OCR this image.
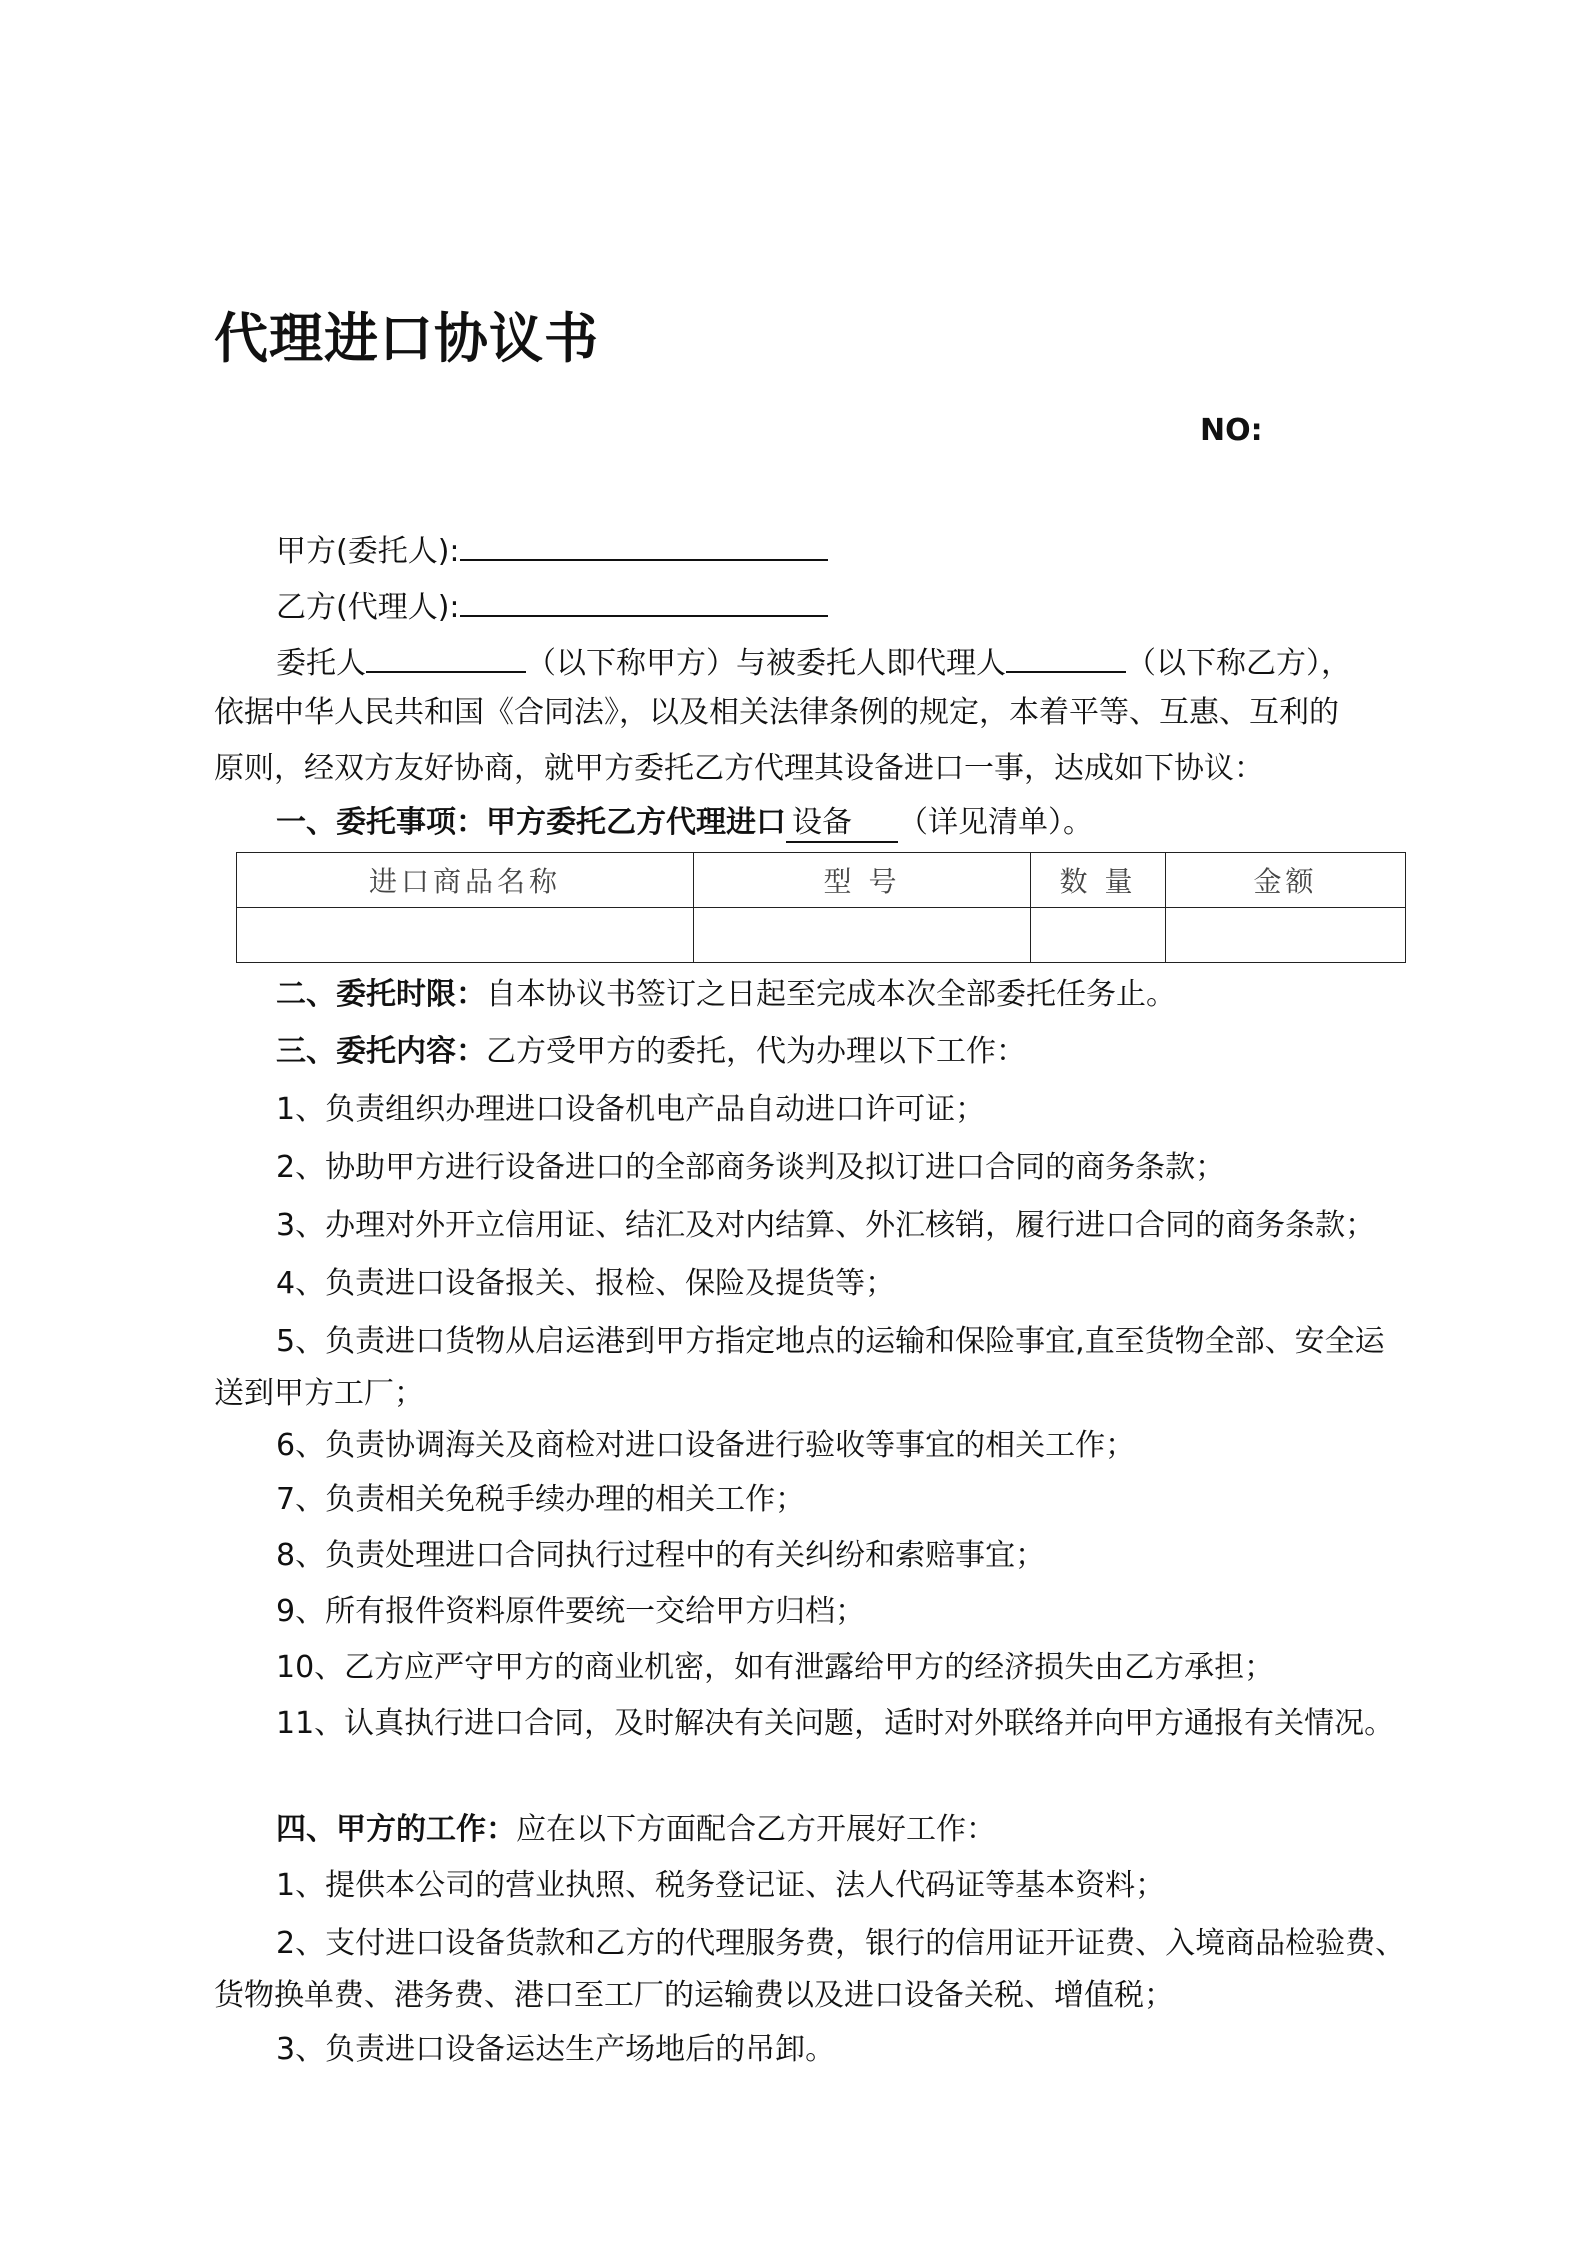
代理进口协议书
NO:
甲方(委托人):
乙方(代理人):
委托人	（以下称甲方）与被委托人即代理人	（以下称乙方），
依据中华人民共和国《合同法》，以及相关法律条例的规定，本着平等、互惠、互利的
原则，经双方友好协商，就甲方委托乙方代理其设备进口一事，达成如下协议：
一、委托事项：甲方委托乙方代理进口 设备 （详见清单）。
进口商品名称	型 号	数 量	金额

二、委托时限：自本协议书签订之日起至完成本次全部委托任务止。
三、委托内容：乙方受甲方的委托，代为办理以下工作：
1、负责组织办理进口设备机电产品自动进口许可证；
2、协助甲方进行设备进口的全部商务谈判及拟订进口合同的商务条款；
3、办理对外开立信用证、结汇及对内结算、外汇核销，履行进口合同的商务条款；
4、负责进口设备报关、报检、保险及提货等；
5、负责进口货物从启运港到甲方指定地点的运输和保险事宜,直至货物全部、安全运送到甲方工厂；
6、负责协调海关及商检对进口设备进行验收等事宜的相关工作；
7、负责相关免税手续办理的相关工作；
8、负责处理进口合同执行过程中的有关纠纷和索赔事宜；
9、所有报件资料原件要统一交给甲方归档；
10、乙方应严守甲方的商业机密，如有泄露给甲方的经济损失由乙方承担；
11、认真执行进口合同，及时解决有关问题，适时对外联络并向甲方通报有关情况。
四、甲方的工作：应在以下方面配合乙方开展好工作：
1、提供本公司的营业执照、税务登记证、法人代码证等基本资料；
2、支付进口设备货款和乙方的代理服务费，银行的信用证开证费、入境商品检验费、货物换单费、港务费、港口至工厂的运输费以及进口设备关税、增值税；
3、负责进口设备运达生产场地后的吊卸。
